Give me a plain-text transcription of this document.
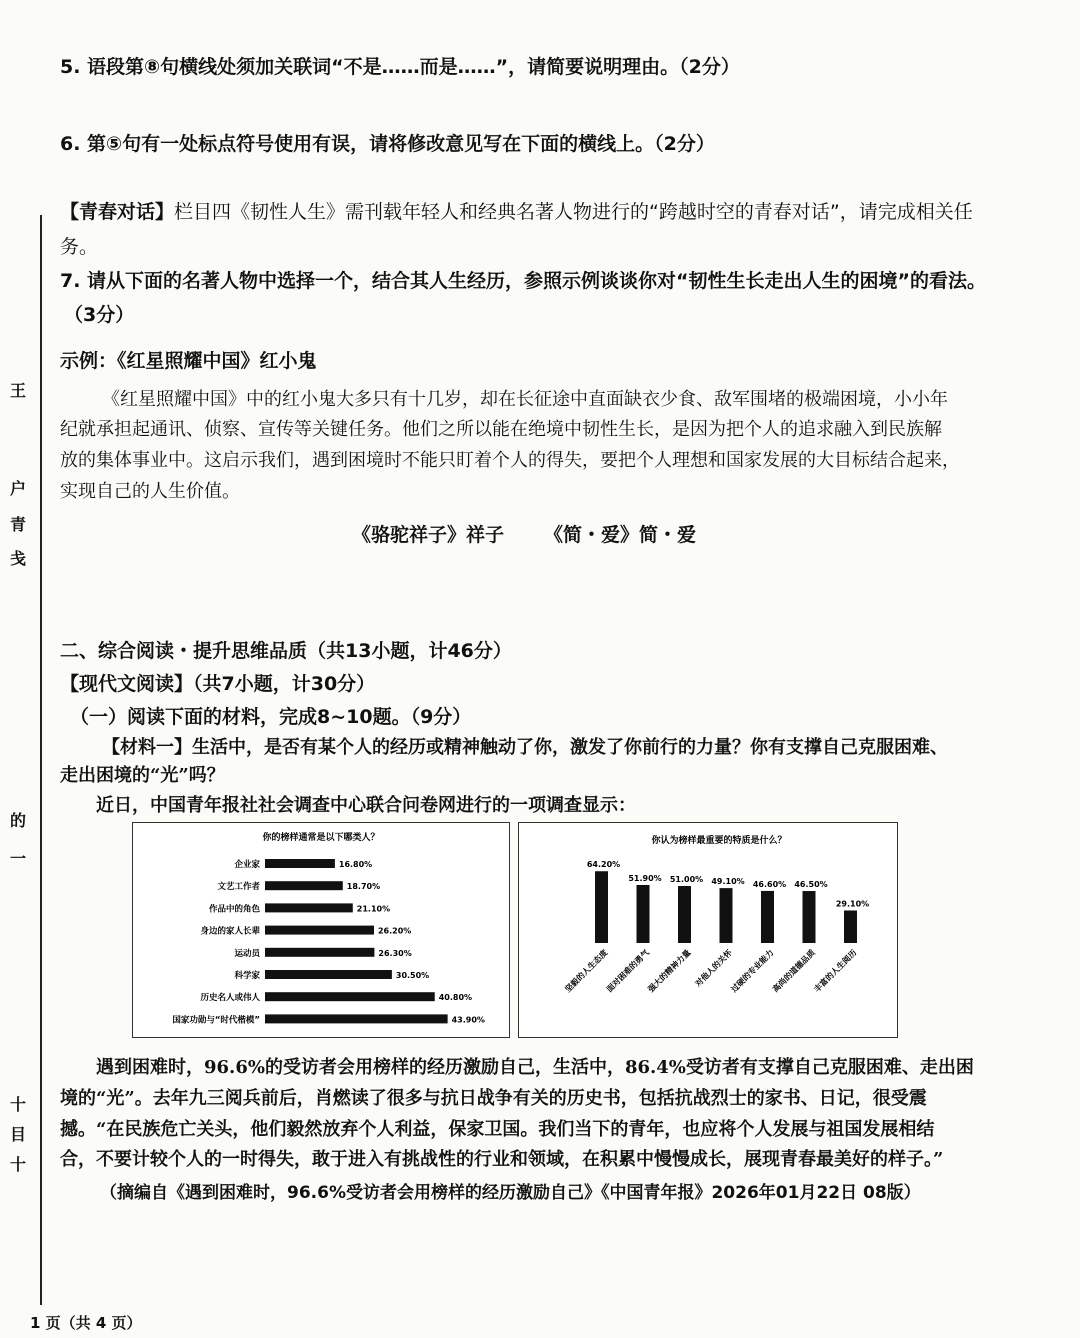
王
户
青
戋
的
一
十
目
十
5. 语段第⑧句横线处须加关联词“不是……而是……”，请简要说明理由。（2分）
6. 第⑤句有一处标点符号使用有误，请将修改意见写在下面的横线上。（2分）
【青春对话】栏目四《韧性人生》需刊载年轻人和经典名著人物进行的“跨越时空的青春对话”，请完成相关任
务。
7. 请从下面的名著人物中选择一个，结合其人生经历，参照示例谈谈你对“韧性生长走出人生的困境”的看法。
（3分）
示例：《红星照耀中国》红小鬼
《红星照耀中国》中的红小鬼大多只有十几岁，却在长征途中直面缺衣少食、敌军围堵的极端困境，小小年
纪就承担起通讯、侦察、宣传等关键任务。他们之所以能在绝境中韧性生长，是因为把个人的追求融入到民族解
放的集体事业中。这启示我们，遇到困境时不能只盯着个人的得失，要把个人理想和国家发展的大目标结合起来，
实现自己的人生价值。
《骆驼祥子》祥子 《简・爱》简・爱
二、综合阅读・提升思维品质（共13小题，计46分）
【现代文阅读】（共7小题，计30分）
（一）阅读下面的材料，完成8~10题。（9分）
【材料一】生活中，是否有某个人的经历或精神触动了你，激发了你前行的力量？你有支撑自己克服困难、
走出困境的“光”吗？
近日，中国青年报社社会调查中心联合问卷网进行的一项调查显示：
你的榜样通常是以下哪类人？
企业家	16.80%
文艺工作者	18.70%
作品中的角色	21.10%
身边的家人长辈	26.20%
运动员	26.30%
科学家	30.50%
历史名人或伟人	40.80%
国家功勋与“时代楷模”	43.90%
你认为榜样最重要的特质是什么？
64.20%
坚毅的人生态度
51.90%
面对困难的勇气
51.00%
强大的精神力量
49.10%
对他人的关怀
46.60%
过硬的专业能力
46.50%
高尚的道德品质
29.10%
丰富的人生阅历
遇到困难时，96.6%的受访者会用榜样的经历激励自己，生活中，86.4%受访者有支撑自己克服困难、走出困
境的“光”。去年九三阅兵前后，肖燃读了很多与抗日战争有关的历史书，包括抗战烈士的家书、日记，很受震
撼。“在民族危亡关头，他们毅然放弃个人利益，保家卫国。我们当下的青年，也应将个人发展与祖国发展相结
合，不要计较个人的一时得失，敢于进入有挑战性的行业和领域，在积累中慢慢成长，展现青春最美好的样子。”
（摘编自《遇到困难时，96.6%受访者会用榜样的经历激励自己》《中国青年报》2026年01月22日 08版）
1 页（共 4 页）
